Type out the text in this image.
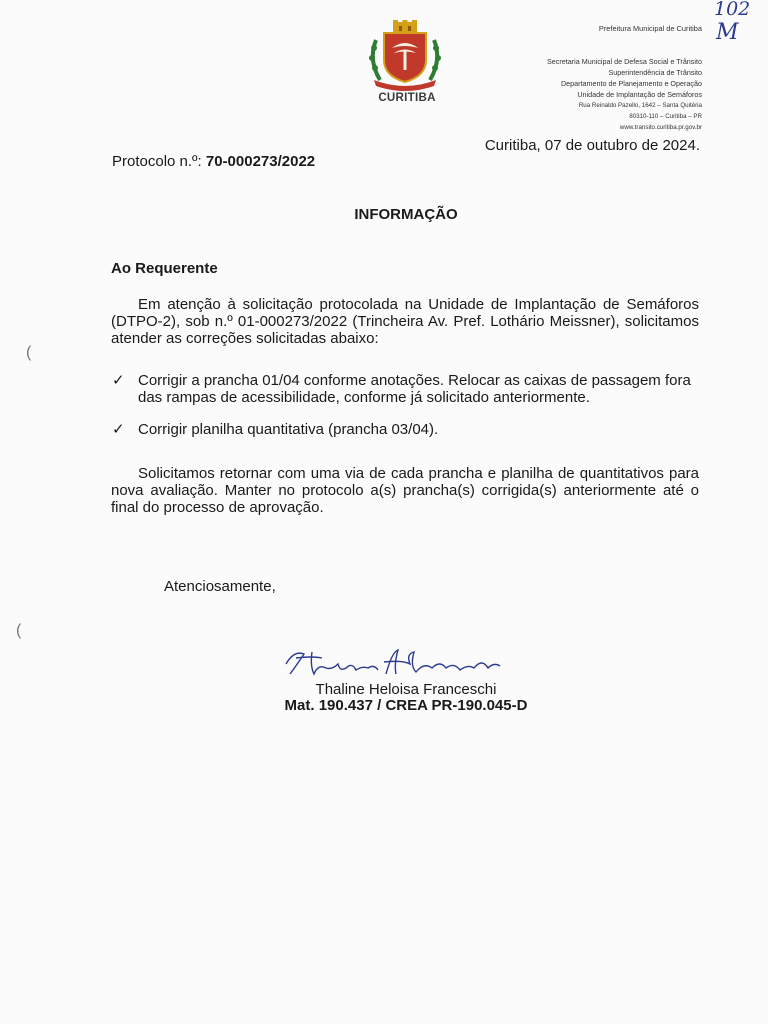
102
M
CURITIBA
Prefeitura Municipal de Curitiba
Secretaria Municipal de Defesa Social e Trânsito
Superintendência de Trânsito
Departamento de Planejamento e Operação
Unidade de Implantação de Semáforos
Rua Reinaldo Pazello, 1642 – Santa Quitéria
80310-110 – Curitiba – PR
www.transito.curitiba.pr.gov.br
Curitiba, 07 de outubro de 2024.
Protocolo n.º: 70-000273/2022
INFORMAÇÃO
Ao Requerente
Em atenção à solicitação protocolada na Unidade de Implantação de Semáforos (DTPO-2), sob n.º 01-000273/2022 (Trincheira Av. Pref. Lothário Meissner), solicitamos atender as correções solicitadas abaixo:
✓ Corrigir a prancha 01/04 conforme anotações. Relocar as caixas de passagem fora das rampas de acessibilidade, conforme já solicitado anteriormente.
✓ Corrigir planilha quantitativa (prancha 03/04).
Solicitamos retornar com uma via de cada prancha e planilha de quantitativos para nova avaliação. Manter no protocolo a(s) prancha(s) corrigida(s) anteriormente até o final do processo de aprovação.
Atenciosamente,
Thaline Heloisa Franceschi
Mat. 190.437 / CREA PR-190.045-D
(
(
